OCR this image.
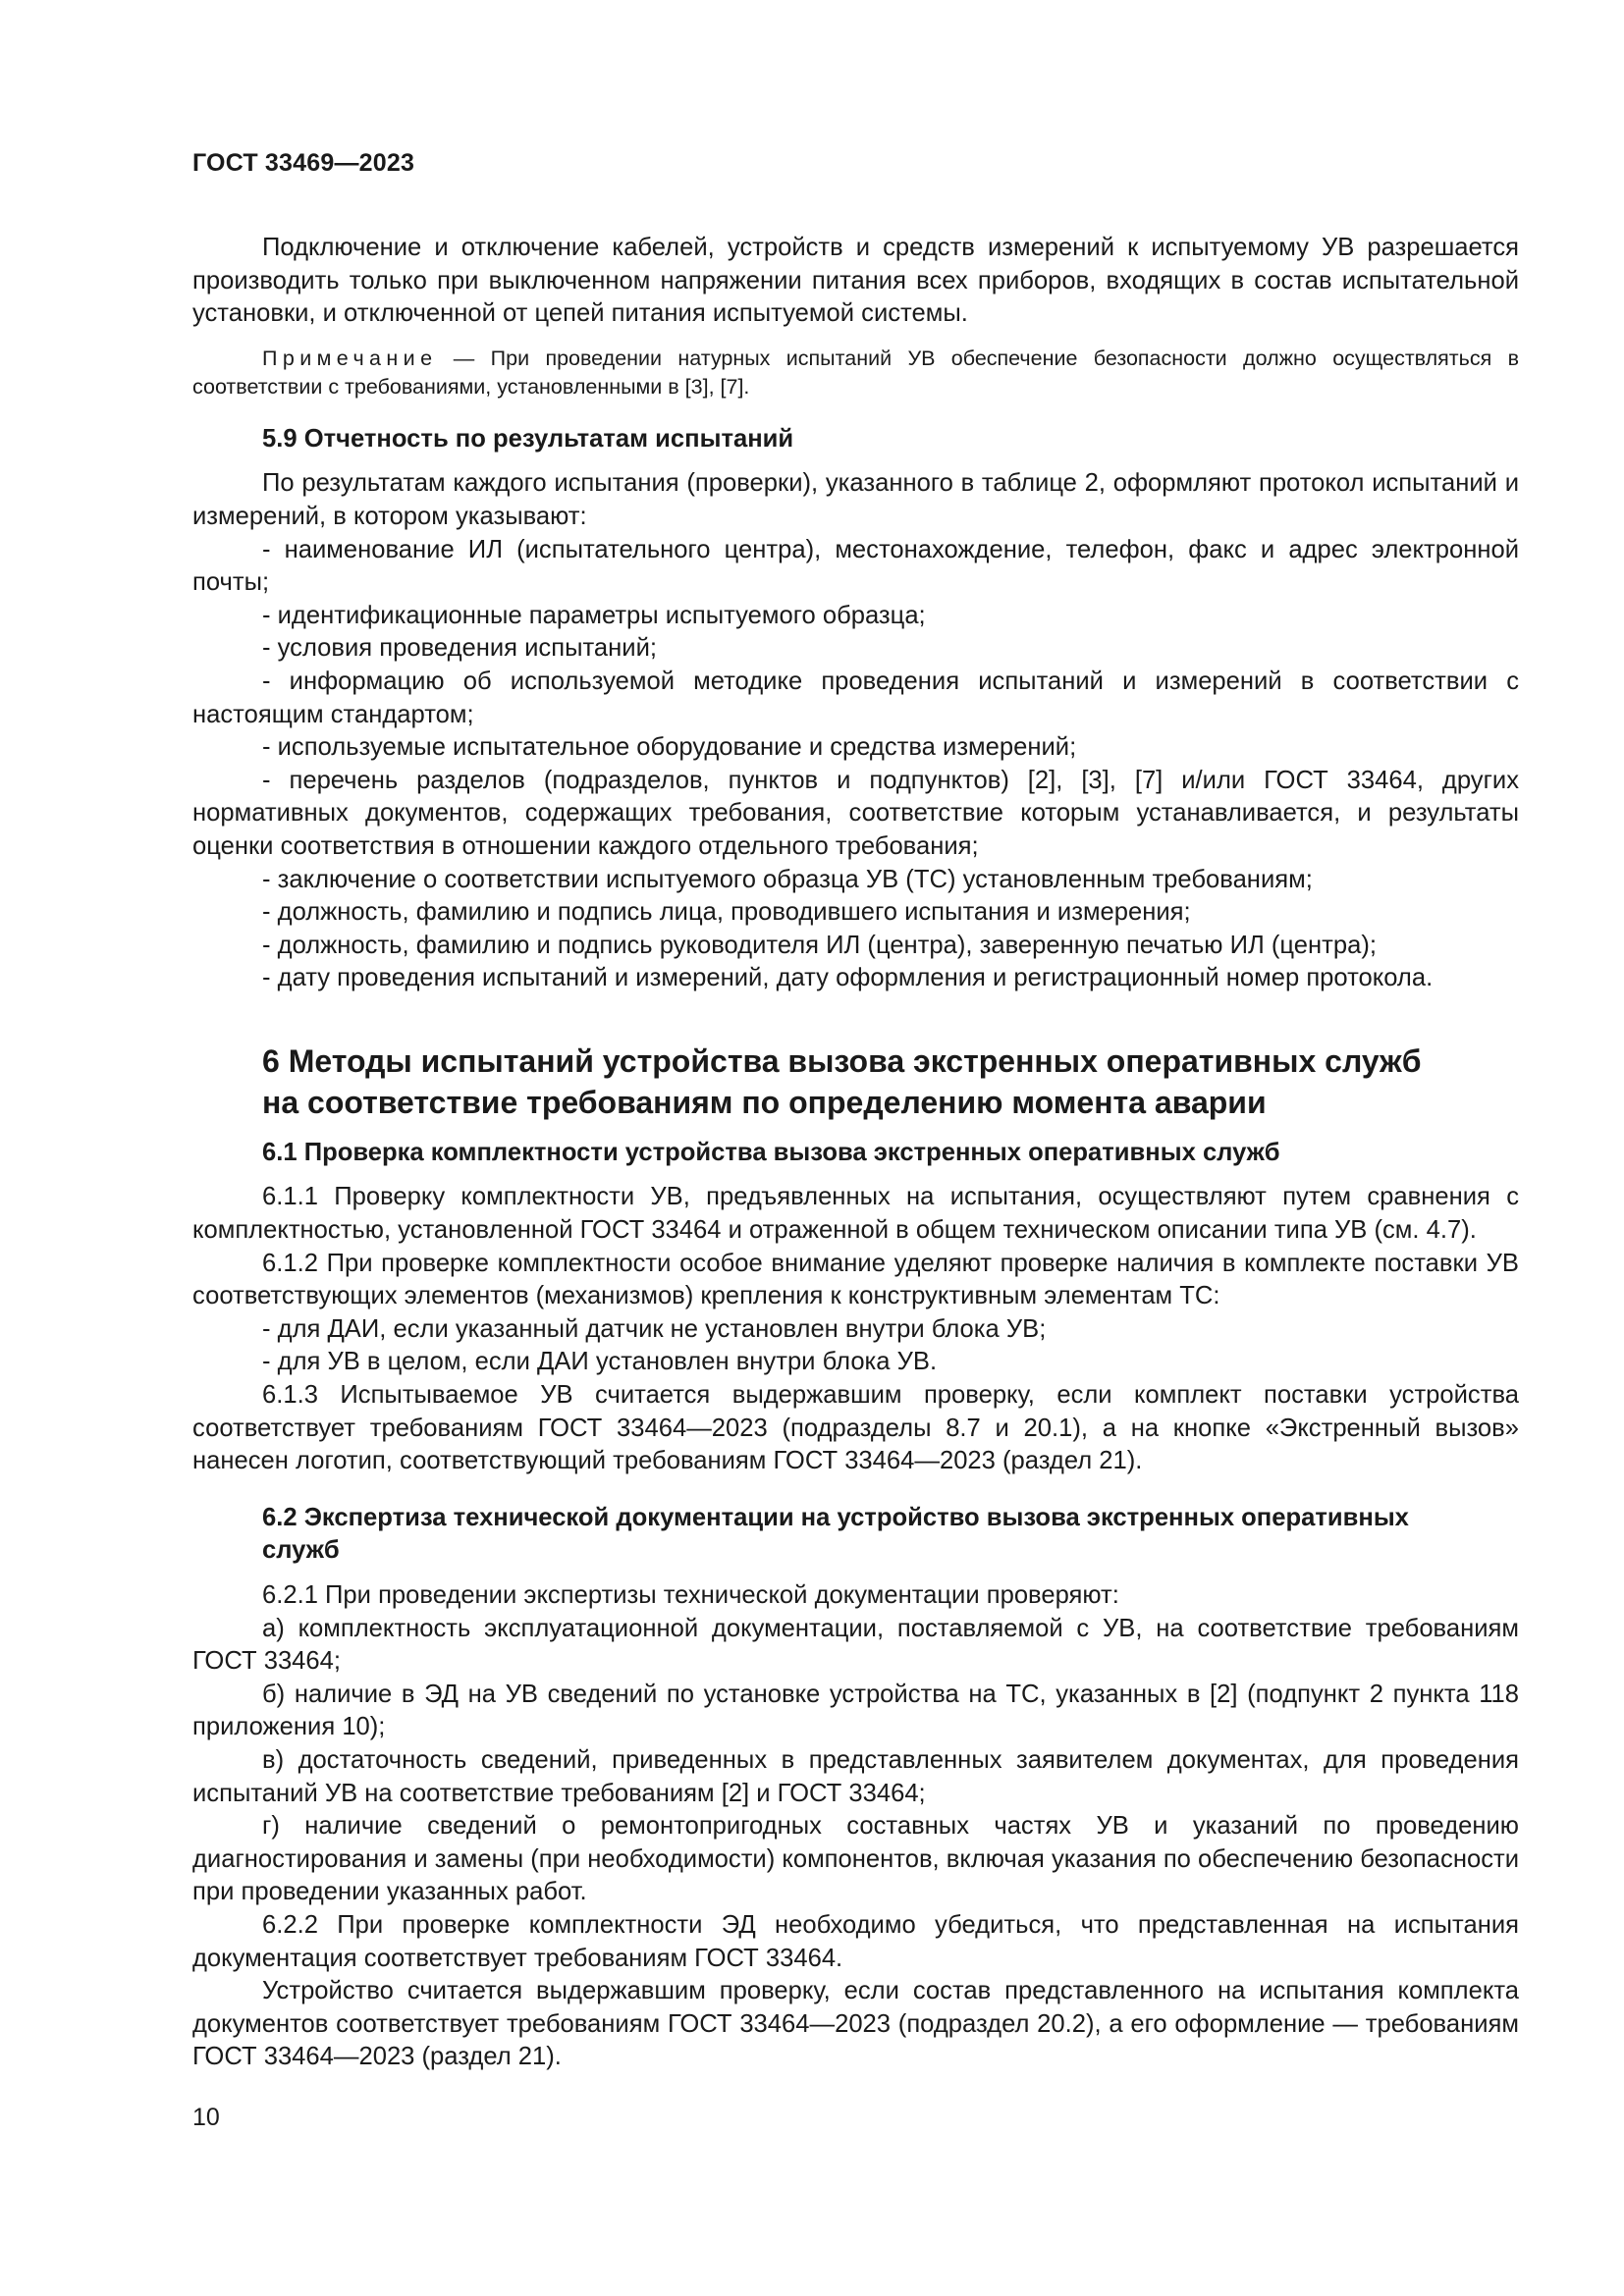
ГОСТ 33469—2023

Подключение и отключение кабелей, устройств и средств измерений к испытуемому УВ разрешается производить только при выключенном напряжении питания всех приборов, входящих в состав испытательной установки, и отключенной от цепей питания испытуемой системы.

Примечание — При проведении натурных испытаний УВ обеспечение безопасности должно осуществляться в соответствии с требованиями, установленными в [3], [7].
5.9 Отчетность по результатам испытаний

По результатам каждого испытания (проверки), указанного в таблице 2, оформляют протокол испытаний и измерений, в котором указывают:

- наименование ИЛ (испытательного центра), местонахождение, телефон, факс и адрес электронной почты;

- идентификационные параметры испытуемого образца;

- условия проведения испытаний;

- информацию об используемой методике проведения испытаний и измерений в соответствии с настоящим стандартом;

- используемые испытательное оборудование и средства измерений;

- перечень разделов (подразделов, пунктов и подпунктов) [2], [3], [7] и/или ГОСТ 33464, других нормативных документов, содержащих требования, соответствие которым устанавливается, и результаты оценки соответствия в отношении каждого отдельного требования;

- заключение о соответствии испытуемого образца УВ (ТС) установленным требованиям;

- должность, фамилию и подпись лица, проводившего испытания и измерения;

- должность, фамилию и подпись руководителя ИЛ (центра), заверенную печатью ИЛ (центра);

- дату проведения испытаний и измерений, дату оформления и регистрационный номер протокола.

6 Методы испытаний устройства вызова экстренных оперативных служб
на соответствие требованиям по определению момента аварии
6.1 Проверка комплектности устройства вызова экстренных оперативных служб

6.1.1 Проверку комплектности УВ, предъявленных на испытания, осуществляют путем сравнения с комплектностью, установленной ГОСТ 33464 и отраженной в общем техническом описании типа УВ (см. 4.7).

6.1.2 При проверке комплектности особое внимание уделяют проверке наличия в комплекте поставки УВ соответствующих элементов (механизмов) крепления к конструктивным элементам ТС:

- для ДАИ, если указанный датчик не установлен внутри блока УВ;

- для УВ в целом, если ДАИ установлен внутри блока УВ.

6.1.3 Испытываемое УВ считается выдержавшим проверку, если комплект поставки устройства соответствует требованиям ГОСТ 33464—2023 (подразделы 8.7 и 20.1), а на кнопке «Экстренный вызов» нанесен логотип, соответствующий требованиям ГОСТ 33464—2023 (раздел 21).

6.2 Экспертиза технической документации на устройство вызова экстренных оперативных
служб

6.2.1 При проведении экспертизы технической документации проверяют:

а) комплектность эксплуатационной документации, поставляемой с УВ, на соответствие требованиям ГОСТ 33464;

б) наличие в ЭД на УВ сведений по установке устройства на ТС, указанных в [2] (подпункт 2 пункта 118 приложения 10);

в) достаточность сведений, приведенных в представленных заявителем документах, для проведения испытаний УВ на соответствие требованиям [2] и ГОСТ 33464;

г) наличие сведений о ремонтопригодных составных частях УВ и указаний по проведению диагностирования и замены (при необходимости) компонентов, включая указания по обеспечению безопасности при проведении указанных работ.

6.2.2 При проверке комплектности ЭД необходимо убедиться, что представленная на испытания документация соответствует требованиям ГОСТ 33464.

Устройство считается выдержавшим проверку, если состав представленного на испытания комплекта документов соответствует требованиям ГОСТ 33464—2023 (подраздел 20.2), а его оформление — требованиям ГОСТ 33464—2023 (раздел 21).

10
